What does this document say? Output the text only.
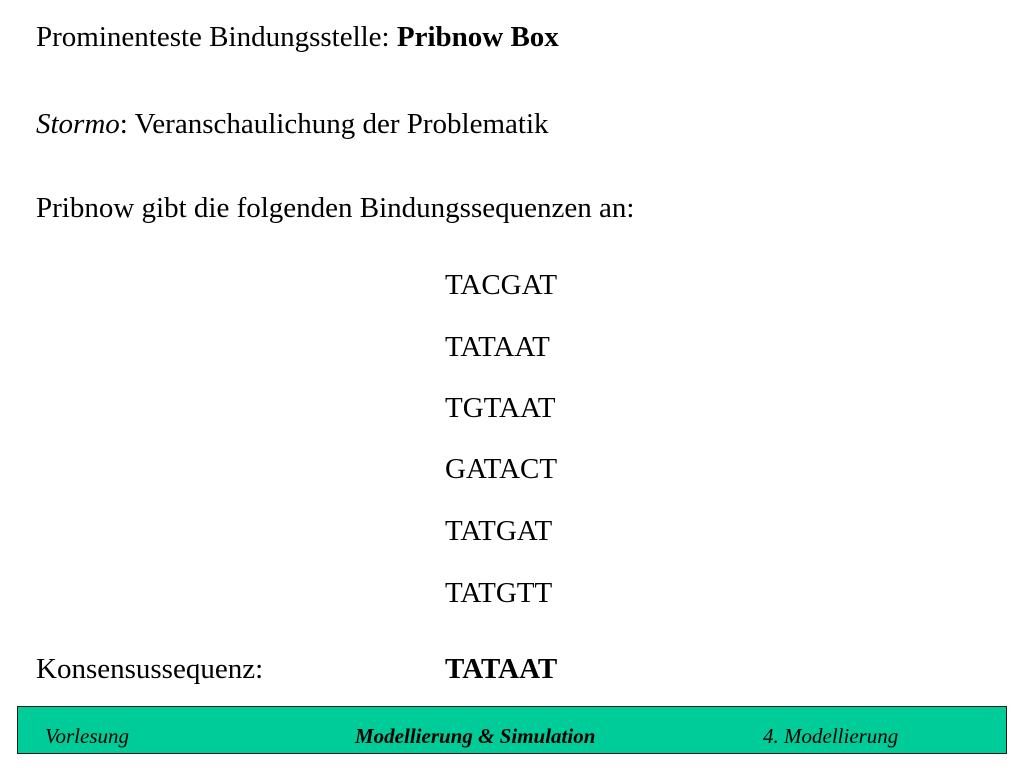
Prominenteste Bindungsstelle: Pribnow Box
Stormo: Veranschaulichung der Problematik
Pribnow gibt die folgenden Bindungssequenzen an:
TACGAT
TATAAT
TGTAAT
GATACT
TATGAT
TATGTT
Konsensussequenz:	TATAAT
Vorlesung	Modellierung & Simulation	4. Modellierung
